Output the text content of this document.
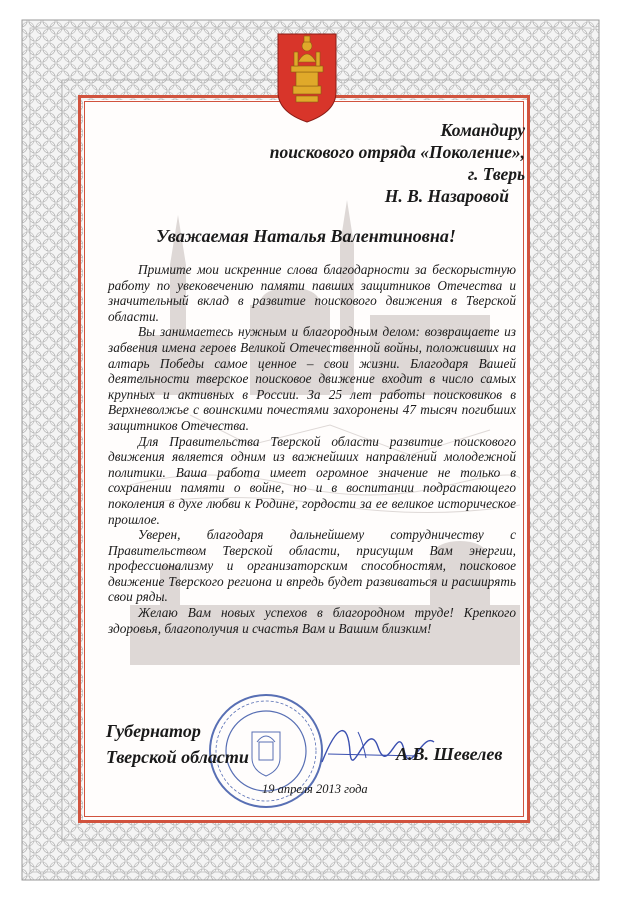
Командиру
поискового отряда «Поколение»,
г. Тверь
Н. В. Назаровой
Уважаемая Наталья Валентиновна!

Примите мои искренние слова благодарности за бескорыстную работу по увековечению памяти павших защитников Отечества и значительный вклад в развитие поискового движения в Тверской области.

Вы занимаетесь нужным и благородным делом: возвращаете из забвения имена героев Великой Отечественной войны, положивших на алтарь Победы самое ценное – свои жизни. Благодаря Вашей деятельности тверское поисковое движение входит в число самых крупных и активных в России. За 25 лет работы поисковиков в Верхневолжье с воинскими почестями захоронены 47 тысяч погибших защитников Отечества.

Для Правительства Тверской области развитие поискового движения является одним из важнейших направлений молодежной политики. Ваша работа имеет огромное значение не только в сохранении памяти о войне, но и в воспитании подрастающего поколения в духе любви к Родине, гордости за ее великое историческое прошлое.

Уверен, благодаря дальнейшему сотрудничеству с Правительством Тверской области, присущим Вам энергии, профессионализму и организаторским способностям, поисковое движение Тверского региона и впредь будет развиваться и расширять свои ряды.

Желаю Вам новых успехов в благородном труде! Крепкого здоровья, благополучия и счастья Вам и Вашим близким!

Губернатор
Тверской области	А.В. Шевелев
19 апреля 2013 года
